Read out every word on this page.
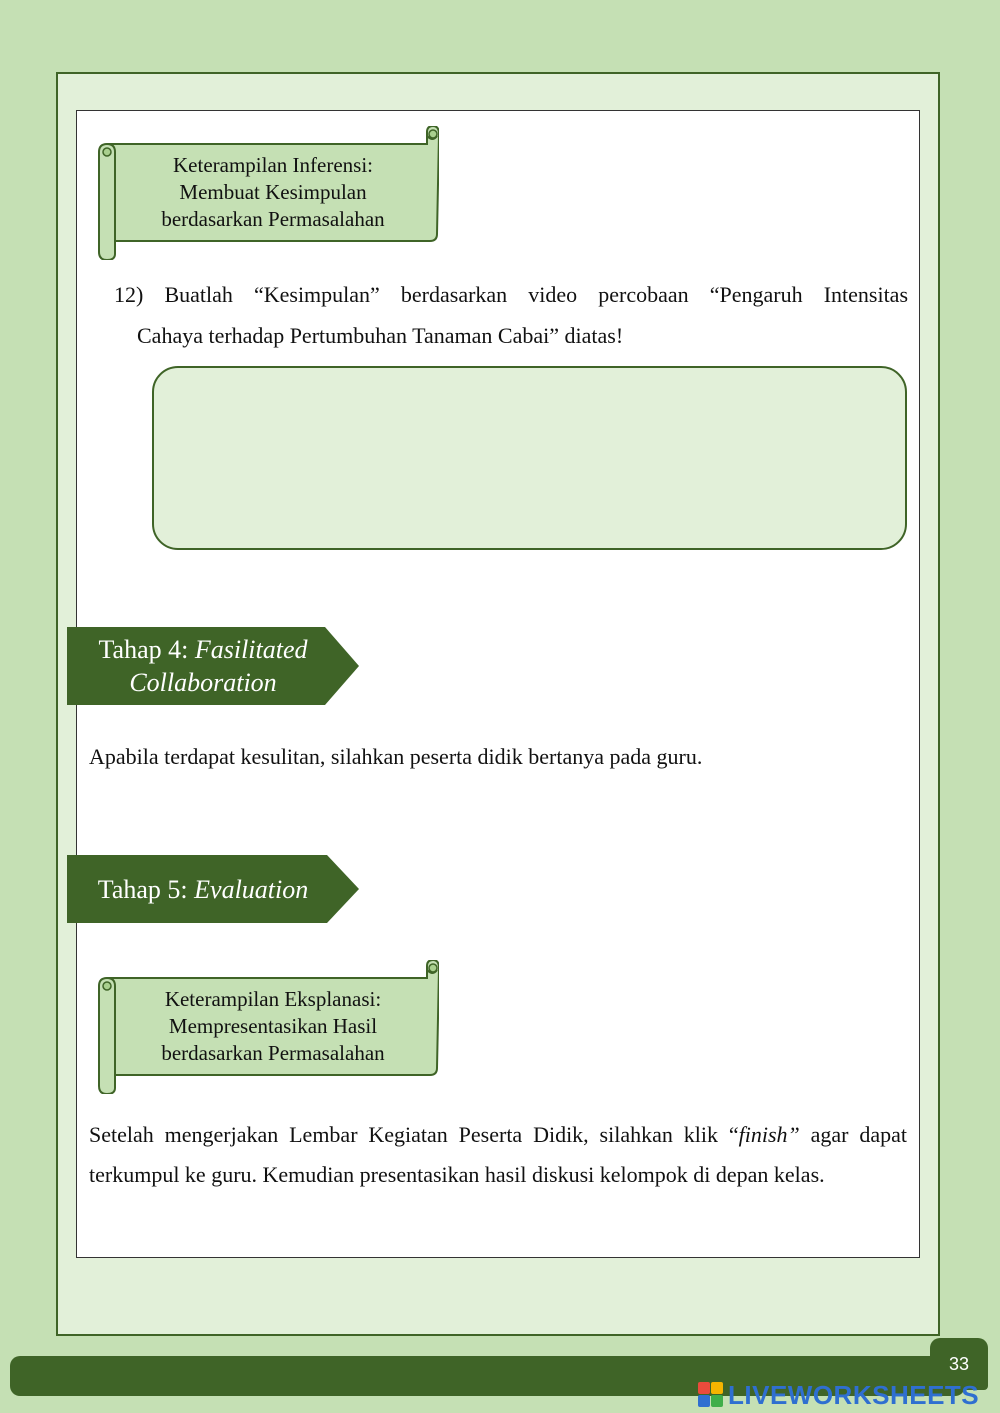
Keterampilan Inferensi:
Membuat Kesimpulan
berdasarkan Permasalahan
12) Buatlah “Kesimpulan” berdasarkan video percobaan “Pengaruh Intensitas
Cahaya terhadap Pertumbuhan Tanaman Cabai” diatas!
Tahap 4: Fasilitated
Collaboration
Apabila terdapat kesulitan, silahkan peserta didik bertanya pada guru.
Tahap 5: Evaluation
Keterampilan Eksplanasi:
Mempresentasikan Hasil
berdasarkan Permasalahan
Setelah mengerjakan Lembar Kegiatan Peserta Didik, silahkan klik “finish” agar dapat
terkumpul ke guru. Kemudian presentasikan hasil diskusi kelompok di depan kelas.
33
LIVEWORKSHEETS
